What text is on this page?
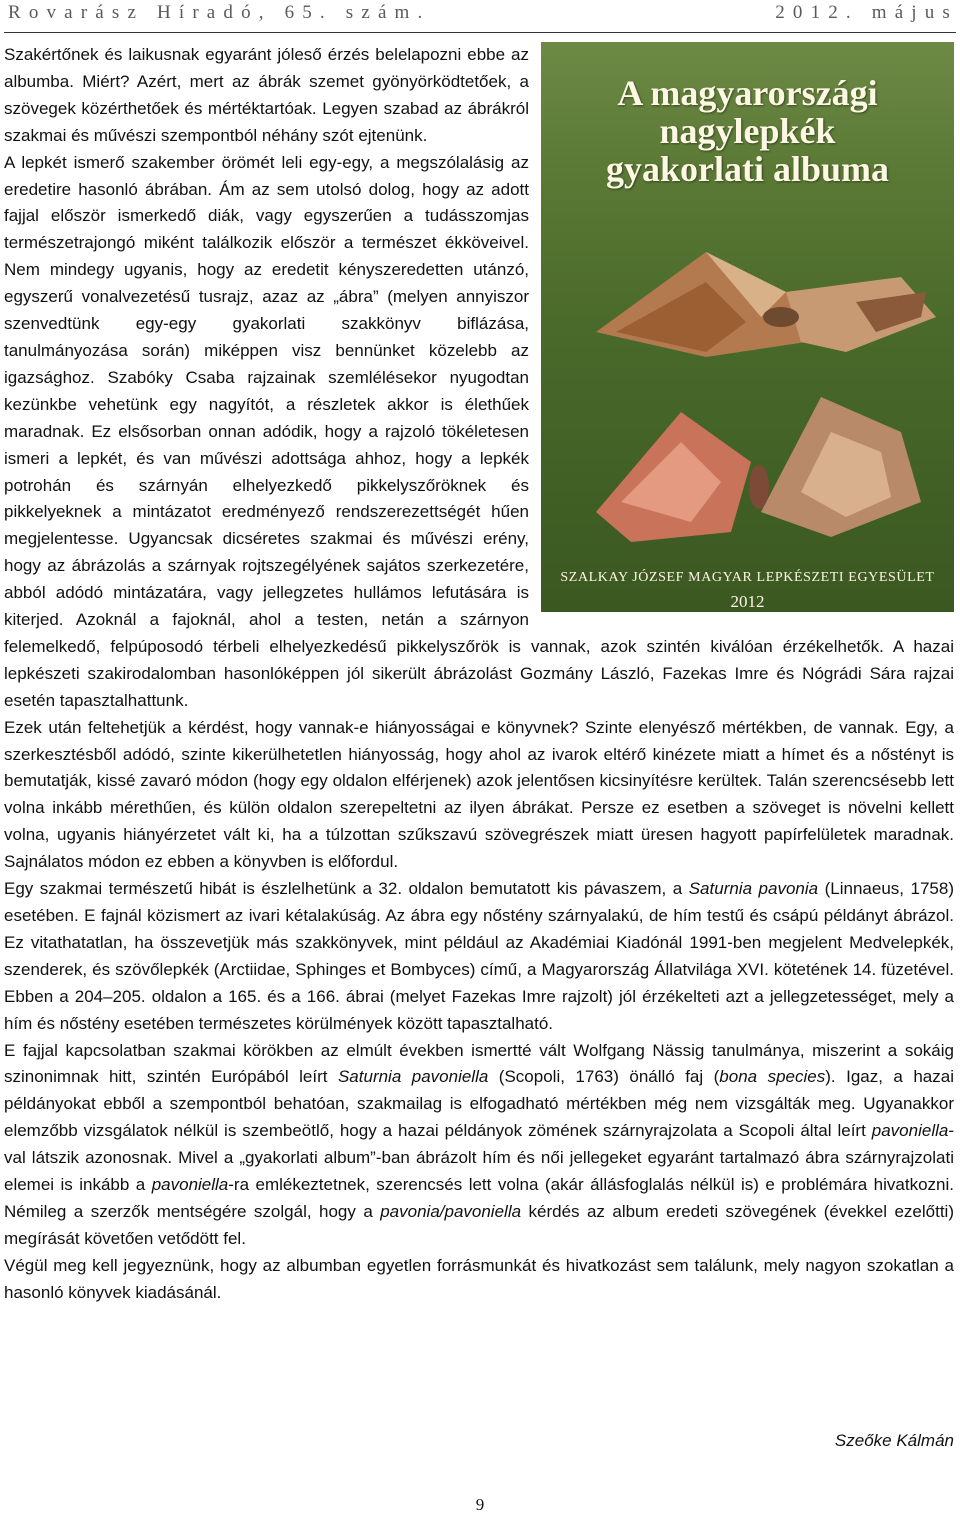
Rovarász Híradó, 65. szám.	2012. május
A magyarországi
nagylepkék
gyakorlati albuma
SZALKAY JÓZSEF MAGYAR LEPKÉSZETI EGYESÜLET
2012

Szakértőnek és laikusnak egyaránt jóleső érzés belelapozni ebbe az albumba. Miért? Azért, mert az ábrák szemet gyönyörködtetőek, a szövegek közérthetőek és mértéktartóak. Legyen szabad az ábrákról szakmai és művészi szempontból néhány szót ejtenünk.

A lepkét ismerő szakember örömét leli egy-egy, a megszólalásig az eredetire hasonló ábrában. Ám az sem utolsó dolog, hogy az adott fajjal először ismerkedő diák, vagy egyszerűen a tudásszomjas természetrajongó miként találkozik először a természet ékköveivel. Nem mindegy ugyanis, hogy az eredetit kényszeredetten utánzó, egyszerű vonalvezetésű tusrajz, azaz az „ábra” (melyen annyiszor szenvedtünk egy-egy gyakorlati szakkönyv biflázása, tanulmányozása során) miképpen visz bennünket közelebb az igazsághoz. Szabóky Csaba rajzainak szemlélésekor nyugodtan kezünkbe vehetünk egy nagyítót, a részletek akkor is élethűek maradnak. Ez elsősorban onnan adódik, hogy a rajzoló tökéletesen ismeri a lepkét, és van művészi adottsága ahhoz, hogy a lepkék potrohán és szárnyán elhelyezkedő pikkelyszőröknek és pikkelyeknek a mintázatot eredményező rendszerezettségét hűen megjelentesse. Ugyancsak dicséretes szakmai és művészi erény, hogy az ábrázolás a szárnyak rojtszegélyének sajátos szerkezetére, abból adódó mintázatára, vagy jellegzetes hullámos lefutására is kiterjed. Azoknál a fajoknál, ahol a testen, netán a szárnyon felemelkedő, felpúposodó térbeli elhelyezkedésű pikkelyszőrök is vannak, azok szintén kiválóan érzékelhetők. A hazai lepkészeti szakirodalomban hasonlóképpen jól sikerült ábrázolást Gozmány László, Fazekas Imre és Nógrádi Sára rajzai esetén tapasztalhattunk.

Ezek után feltehetjük a kérdést, hogy vannak-e hiányosságai e könyvnek? Szinte elenyésző mértékben, de vannak. Egy, a szerkesztésből adódó, szinte kikerülhetetlen hiányosság, hogy ahol az ivarok eltérő kinézete miatt a hímet és a nőstényt is bemutatják, kissé zavaró módon (hogy egy oldalon elférjenek) azok jelentősen kicsinyítésre kerültek. Talán szerencsésebb lett volna inkább mérethűen, és külön oldalon szerepeltetni az ilyen ábrákat. Persze ez esetben a szöveget is növelni kellett volna, ugyanis hiányérzetet vált ki, ha a túlzottan szűkszavú szövegrészek miatt üresen hagyott papírfelületek maradnak. Sajnálatos módon ez ebben a könyvben is előfordul.

Egy szakmai természetű hibát is észlelhetünk a 32. oldalon bemutatott kis pávaszem, a Saturnia pavonia (Linnaeus, 1758) esetében. E fajnál közismert az ivari kétalakúság. Az ábra egy nőstény szárnyalakú, de hím testű és csápú példányt ábrázol. Ez vitathatatlan, ha összevetjük más szakkönyvek, mint például az Akadémiai Kiadónál 1991-ben megjelent Medvelepkék, szenderek, és szövőlepkék (Arctiidae, Sphinges et Bombyces) című, a Magyarország Állatvilága XVI. kötetének 14. füzetével. Ebben a 204–205. oldalon a 165. és a 166. ábrai (melyet Fazekas Imre rajzolt) jól érzékelteti azt a jellegzetességet, mely a hím és nőstény esetében természetes körülmények között tapasztalható.

E fajjal kapcsolatban szakmai körökben az elmúlt években ismertté vált Wolfgang Nässig tanulmánya, miszerint a sokáig szinonimnak hitt, szintén Európából leírt Saturnia pavoniella (Scopoli, 1763) önálló faj (bona species). Igaz, a hazai példányokat ebből a szempontból behatóan, szakmailag is elfogadható mértékben még nem vizsgálták meg. Ugyanakkor elemzőbb vizsgálatok nélkül is szembeötlő, hogy a hazai példányok zömének szárnyrajzolata a Scopoli által leírt pavoniella-val látszik azonosnak. Mivel a „gyakorlati album”-ban ábrázolt hím és női jellegeket egyaránt tartalmazó ábra szárnyrajzolati elemei is inkább a pavoniella-ra emlékeztetnek, szerencsés lett volna (akár állásfoglalás nélkül is) e problémára hivatkozni. Némileg a szerzők mentségére szolgál, hogy a pavonia/pavoniella kérdés az album eredeti szövegének (évekkel ezelőtti) megírását követően vetődött fel.

Végül meg kell jegyeznünk, hogy az albumban egyetlen forrásmunkát és hivatkozást sem találunk, mely nagyon szokatlan a hasonló könyvek kiadásánál.

Szeőke Kálmán
9
